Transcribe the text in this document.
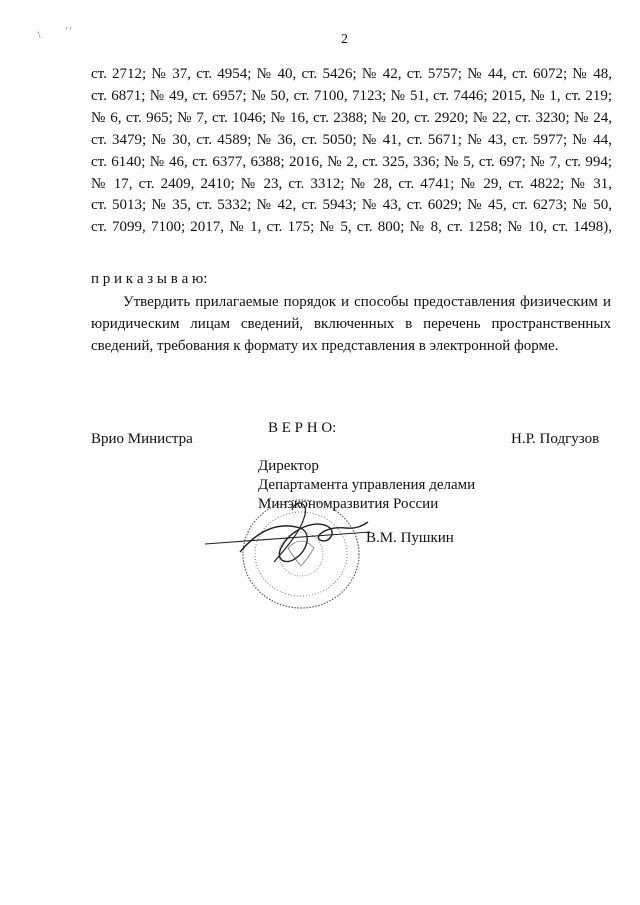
\	' '
2
ст. 2712; № 37, ст. 4954; № 40, ст. 5426; № 42, ст. 5757; № 44, ст. 6072; № 48,
ст. 6871; № 49, ст. 6957; № 50, ст. 7100, 7123; № 51, ст. 7446; 2015, № 1, ст. 219;
№ 6, ст. 965; № 7, ст. 1046; № 16, ст. 2388; № 20, ст. 2920; № 22, ст. 3230; № 24,
ст. 3479; № 30, ст. 4589; № 36, ст. 5050; № 41, ст. 5671; № 43, ст. 5977; № 44,
ст. 6140; № 46, ст. 6377, 6388; 2016, № 2, ст. 325, 336; № 5, ст. 697; № 7, ст. 994;
№ 17, ст. 2409, 2410; № 23, ст. 3312; № 28, ст. 4741; № 29, ст. 4822; № 31,
ст. 5013; № 35, ст. 5332; № 42, ст. 5943; № 43, ст. 6029; № 45, ст. 6273; № 50,
ст. 7099, 7100; 2017, № 1, ст. 175; № 5, ст. 800; № 8, ст. 1258; № 10, ст. 1498),
п р и к а з ы в а ю:
Утвердить прилагаемые порядок и способы предоставления физическим и юридическим лицам сведений, включенных в перечень пространственных сведений, требования к формату их представления в электронной форме.
Врио Министра	Н.Р. Подгузов
В Е Р Н О:
Директор
Департамента управления делами
Минэкономразвития России
В.М. Пушкин
